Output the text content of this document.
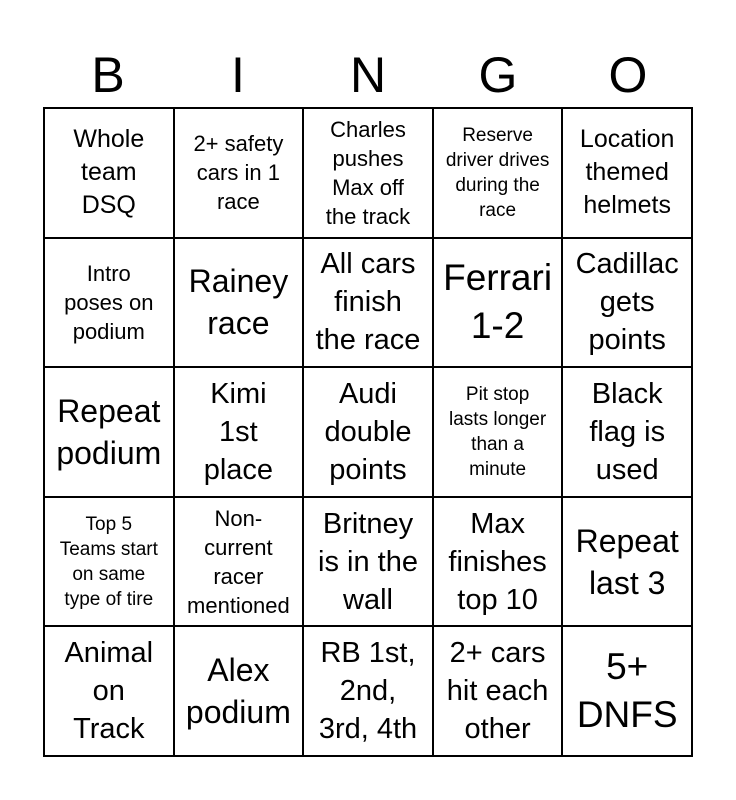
B	I	N	G	O
Whole
team
DSQ
2+ safety
cars in 1
race
Charles
pushes
Max off
the track
Reserve
driver drives
during the
race
Location
themed
helmets
Intro
poses on
podium
Rainey
race
All cars
finish
the race
Ferrari
1-2
Cadillac
gets
points
Repeat
podium
Kimi
1st
place
Audi
double
points
Pit stop
lasts longer
than a
minute
Black
flag is
used
Top 5
Teams start
on same
type of tire
Non-
current
racer
mentioned
Britney
is in the
wall
Max
finishes
top 10
Repeat
last 3
Animal
on
Track
Alex
podium
RB 1st,
2nd,
3rd, 4th
2+ cars
hit each
other
5+
DNFS
